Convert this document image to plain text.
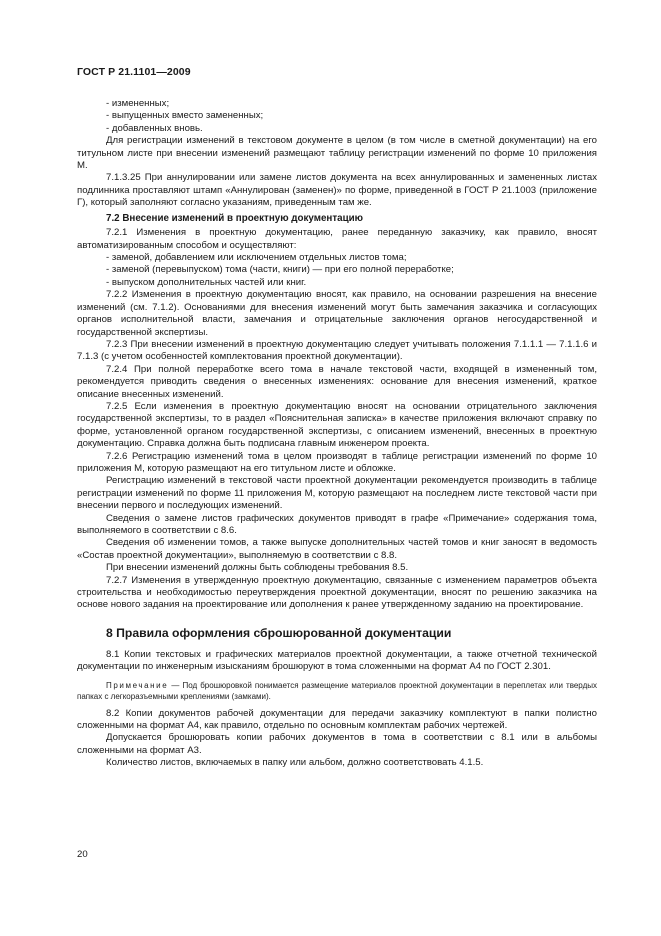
ГОСТ Р 21.1101—2009

- измененных;

- выпущенных вместо замененных;

- добавленных вновь.

Для регистрации изменений в текстовом документе в целом (в том числе в сметной документации) на его титульном листе при внесении изменений размещают таблицу регистрации изменений по форме 10 приложения М.

7.1.3.25 При аннулировании или замене листов документа на всех аннулированных и замененных листах подлинника проставляют штамп «Аннулирован (заменен)» по форме, приведенной в ГОСТ Р 21.1003 (приложение Г), который заполняют согласно указаниям, приведенным там же.

7.2 Внесение изменений в проектную документацию

7.2.1 Изменения в проектную документацию, ранее переданную заказчику, как правило, вносят автоматизированным способом и осуществляют:

- заменой, добавлением или исключением отдельных листов тома;

- заменой (перевыпуском) тома (части, книги) — при его полной переработке;

- выпуском дополнительных частей или книг.

7.2.2 Изменения в проектную документацию вносят, как правило, на основании разрешения на внесение изменений (см. 7.1.2). Основаниями для внесения изменений могут быть замечания заказчика и согласующих органов исполнительной власти, замечания и отрицательные заключения органов негосударственной и государственной экспертизы.

7.2.3 При внесении изменений в проектную документацию следует учитывать положения 7.1.1.1 — 7.1.1.6 и 7.1.3 (с учетом особенностей комплектования проектной документации).

7.2.4 При полной переработке всего тома в начале текстовой части, входящей в измененный том, рекомендуется приводить сведения о внесенных изменениях: основание для внесения изменений, краткое описание внесенных изменений.

7.2.5 Если изменения в проектную документацию вносят на основании отрицательного заключения государственной экспертизы, то в раздел «Пояснительная записка» в качестве приложения включают справку по форме, установленной органом государственной экспертизы, с описанием изменений, внесенных в проектную документацию. Справка должна быть подписана главным инженером проекта.

7.2.6 Регистрацию изменений тома в целом производят в таблице регистрации изменений по форме 10 приложения М, которую размещают на его титульном листе и обложке.

Регистрацию изменений в текстовой части проектной документации рекомендуется производить в таблице регистрации изменений по форме 11 приложения М, которую размещают на последнем листе текстовой части при внесении первого и последующих изменений.

Сведения о замене листов графических документов приводят в графе «Примечание» содержания тома, выполняемого в соответствии с 8.6.

Сведения об изменении томов, а также выпуске дополнительных частей томов и книг заносят в ведомость «Состав проектной документации», выполняемую в соответствии с 8.8.

При внесении изменений должны быть соблюдены требования 8.5.

7.2.7 Изменения в утвержденную проектную документацию, связанные с изменением параметров объекта строительства и необходимостью переутверждения проектной документации, вносят по решению заказчика на основе нового задания на проектирование или дополнения к ранее утвержденному заданию на проектирование.

8 Правила оформления сброшюрованной документации

8.1 Копии текстовых и графических материалов проектной документации, а также отчетной технической документации по инженерным изысканиям брошюруют в тома сложенными на формат А4 по ГОСТ 2.301.

Примечание — Под брошюровкой понимается размещение материалов проектной документации в переплетах или твердых папках с легкоразъемными креплениями (замками).

8.2 Копии документов рабочей документации для передачи заказчику комплектуют в папки полистно сложенными на формат А4, как правило, отдельно по основным комплектам рабочих чертежей.

Допускается брошюровать копии рабочих документов в тома в соответствии с 8.1 или в альбомы сложенными на формат А3.

Количество листов, включаемых в папку или альбом, должно соответствовать 4.1.5.

20
